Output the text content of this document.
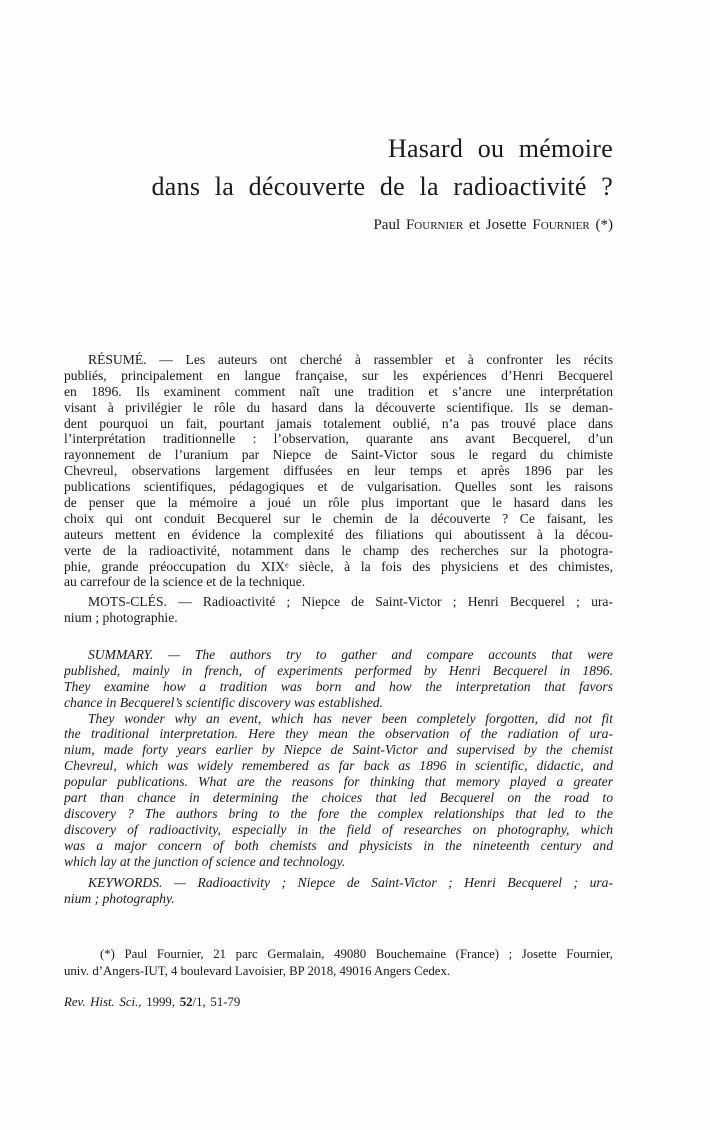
Hasard ou mémoire
dans la découverte de la radioactivité ?
Paul Fournier et Josette Fournier (*)
RÉSUMÉ. — Les auteurs ont cherché à rassembler et à confronter les récits
publiés, principalement en langue française, sur les expériences d’Henri Becquerel
en 1896. Ils examinent comment naît une tradition et s’ancre une interprétation
visant à privilégier le rôle du hasard dans la découverte scientifique. Ils se deman-
dent pourquoi un fait, pourtant jamais totalement oublié, n’a pas trouvé place dans
l’interprétation traditionnelle : l’observation, quarante ans avant Becquerel, d’un
rayonnement de l’uranium par Niepce de Saint-Victor sous le regard du chimiste
Chevreul, observations largement diffusées en leur temps et après 1896 par les
publications scientifiques, pédagogiques et de vulgarisation. Quelles sont les raisons
de penser que la mémoire a joué un rôle plus important que le hasard dans les
choix qui ont conduit Becquerel sur le chemin de la découverte ? Ce faisant, les
auteurs mettent en évidence la complexité des filiations qui aboutissent à la décou-
verte de la radioactivité, notamment dans le champ des recherches sur la photogra-
phie, grande préoccupation du XIXᵉ siècle, à la fois des physiciens et des chimistes,
au carrefour de la science et de la technique.
MOTS-CLÉS. — Radioactivité ; Niepce de Saint-Victor ; Henri Becquerel ; ura-
nium ; photographie.
SUMMARY. — The authors try to gather and compare accounts that were
published, mainly in french, of experiments performed by Henri Becquerel in 1896.
They examine how a tradition was born and how the interpretation that favors
chance in Becquerel’s scientific discovery was established.
They wonder why an event, which has never been completely forgotten, did not fit
the traditional interpretation. Here they mean the observation of the radiation of ura-
nium, made forty years earlier by Niepce de Saint-Victor and supervised by the chemist
Chevreul, which was widely remembered as far back as 1896 in scientific, didactic, and
popular publications. What are the reasons for thinking that memory played a greater
part than chance in determining the choices that led Becquerel on the road to
discovery ? The authors bring to the fore the complex relationships that led to the
discovery of radioactivity, especially in the field of researches on photography, which
was a major concern of both chemists and physicists in the nineteenth century and
which lay at the junction of science and technology.
KEYWORDS. — Radioactivity ; Niepce de Saint-Victor ; Henri Becquerel ; ura-
nium ; photography.
(*) Paul Fournier, 21 parc Germalain, 49080 Bouchemaine (France) ; Josette Fournier,
univ. d’Angers-IUT, 4 boulevard Lavoisier, BP 2018, 49016 Angers Cedex.
Rev. Hist. Sci., 1999, 52/1, 51-79
